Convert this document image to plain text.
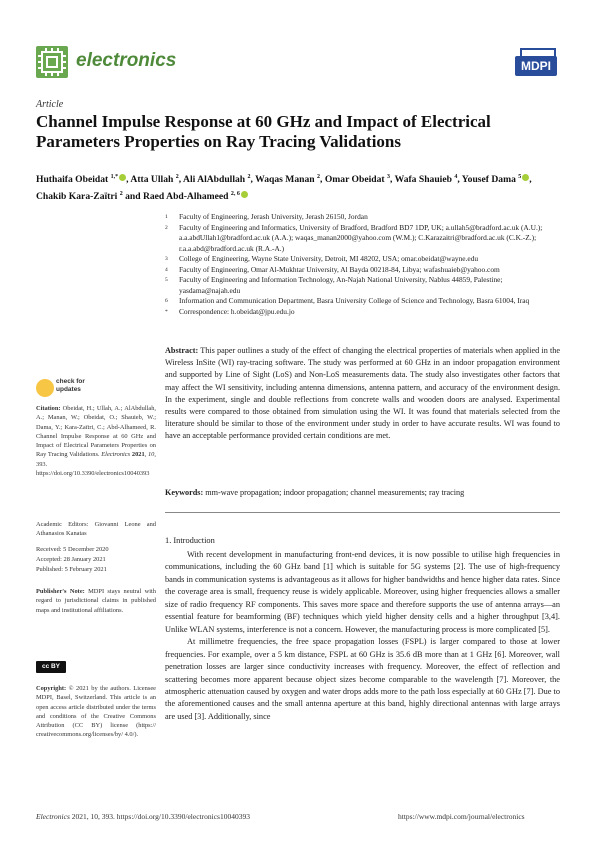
electronics	MDPI
Article
Channel Impulse Response at 60 GHz and Impact of Electrical Parameters Properties on Ray Tracing Validations
Huthaifa Obeidat $^{1,*}$ , Atta Ullah $^2$, Ali AlAbdullah $^2$, Waqas Manan $^2$, Omar Obeidat $^3$, Wafa Shauieb $^4$, Yousef Dama $^5$ , Chakib Kara-Zaïtri $^2$ and Raed Abd-Alhameed $^{2, 6}$
1	Faculty of Engineering, Jerash University, Jerash 26150, Jordan
2	Faculty of Engineering and Informatics, University of Bradford, Bradford BD7 1DP, UK; a.ullah5@bradford.ac.uk (A.U.); a.a.abdUllah1@bradford.ac.uk (A.A.); waqas_manan2000@yahoo.com (W.M.); C.Karazaitri@bradford.ac.uk (C.K.-Z.); r.a.a.abd@bradford.ac.uk (R.A.-A.)
3	College of Engineering, Wayne State University, Detroit, MI 48202, USA; omar.obeidat@wayne.edu
4	Faculty of Engineering, Omar Al-Mukhtar University, Al Bayda 00218-84, Libya; wafashuaieb@yahoo.com
5	Faculty of Engineering and Information Technology, An-Najah National University, Nablus 44859, Palestine; yasdama@najah.edu
6	Information and Communication Department, Basra University College of Science and Technology, Basra 61004, Iraq
*	Correspondence: h.obeidat@jpu.edu.jo
Abstract: This paper outlines a study of the effect of changing the electrical properties of materials when applied in the Wireless InSite (WI) ray-tracing software. The study was performed at 60 GHz in an indoor propagation environment and supported by Line of Sight (LoS) and Non-LoS measurements data. The study also investigates other factors that may affect the WI sensitivity, including antenna dimensions, antenna pattern, and accuracy of the environment design. In the experiment, single and double reflections from concrete walls and wooden doors are analysed. Experimental results were compared to those obtained from simulation using the WI. It was found that materials selected from the literature should be similar to those of the environment under study in order to have accurate results. WI was found to have an acceptable performance provided certain conditions are met.
Keywords: mm-wave propagation; indoor propagation; channel measurements; ray tracing
check for
updates
Citation: Obeidat, H.; Ullah, A.; AlAbdullah, A.; Manan, W.; Obeidat, O.; Shauieb, W.; Dama, Y.; Kara-Zaïtri, C.; Abd-Alhameed, R. Channel Impulse Response at 60 GHz and Impact of Electrical Parameters Properties on Ray Tracing Validations. Electronics 2021, 10, 393. https://doi.org/10.3390/electronics10040393
Academic Editors: Giovanni Leone and Athanasios Kanatas
Received: 5 December 2020
Accepted: 28 January 2021
Published: 5 February 2021
Publisher's Note: MDPI stays neutral with regard to jurisdictional claims in published maps and institutional affiliations.
cc BY
Copyright: © 2021 by the authors. Licensee MDPI, Basel, Switzerland. This article is an open access article distributed under the terms and conditions of the Creative Commons Attribution (CC BY) license (https:// creativecommons.org/licenses/by/ 4.0/).
1. Introduction

With recent development in manufacturing front-end devices, it is now possible to utilise high frequencies in communications, including the 60 GHz band [1] which is suitable for 5G systems [2]. The use of high-frequency bands in communication systems is advantageous as it allows for higher bandwidths and hence higher data rates. Since the coverage area is small, frequency reuse is widely applicable. Moreover, using higher frequencies allows a smaller size of radio frequency RF components. This saves more space and therefore supports the use of antenna arrays—an essential feature for beamforming (BF) techniques which yield higher density cells and a higher throughput [3,4]. Unlike WLAN systems, interference is not a concern. However, the manufacturing process is more complicated [5].

At millimetre frequencies, the free space propagation losses (FSPL) is larger compared to those at lower frequencies. For example, over a 5 km distance, FSPL at 60 GHz is 35.6 dB more than at 1 GHz [6]. Moreover, wall penetration losses are larger since conductivity increases with frequency. Moreover, the effect of reflection and scattering becomes more apparent because object sizes become comparable to the wavelength [7]. Moreover, the atmospheric attenuation caused by oxygen and water drops adds more to the path loss especially at 60 GHz [7]. Due to the aforementioned causes and the small antenna aperture at this band, highly directional antennas with large arrays are used [3]. Additionally, since

Electronics 2021, 10, 393. https://doi.org/10.3390/electronics10040393	https://www.mdpi.com/journal/electronics
